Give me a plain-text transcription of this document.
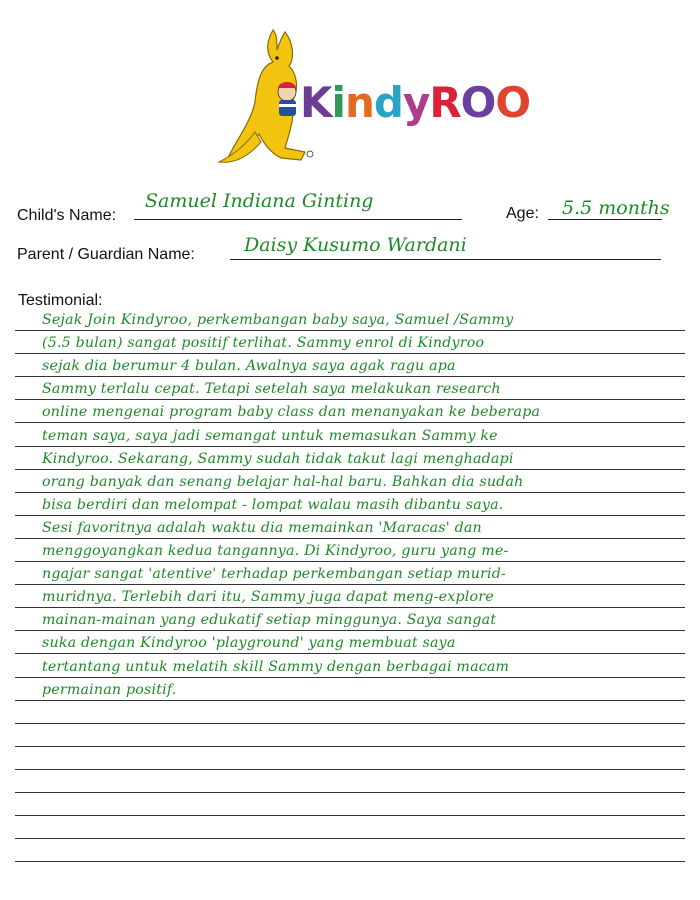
KindyROO
Child's Name:
Samuel Indiana Ginting
Age: 5.5 months
Parent / Guardian Name:	Daisy Kusumo Wardani
Testimonial:
Sejak Join Kindyroo, perkembangan baby saya, Samuel /Sammy
(5.5 bulan) sangat positif terlihat. Sammy enrol di Kindyroo
sejak dia berumur 4 bulan. Awalnya saya agak ragu apa
Sammy terlalu cepat. Tetapi setelah saya melakukan research
online mengenai program baby class dan menanyakan ke beberapa
teman saya, saya jadi semangat untuk memasukan Sammy ke
Kindyroo. Sekarang, Sammy sudah tidak takut lagi menghadapi
orang banyak dan senang belajar hal-hal baru. Bahkan dia sudah
bisa berdiri dan melompat - lompat walau masih dibantu saya.
Sesi favoritnya adalah waktu dia memainkan 'Maracas' dan
menggoyangkan kedua tangannya. Di Kindyroo, guru yang me-
ngajar sangat 'atentive' terhadap perkembangan setiap murid-
muridnya. Terlebih dari itu, Sammy juga dapat meng-explore
mainan-mainan yang edukatif setiap minggunya. Saya sangat
suka dengan Kindyroo 'playground' yang membuat saya
tertantang untuk melatih skill Sammy dengan berbagai macam
permainan positif.
